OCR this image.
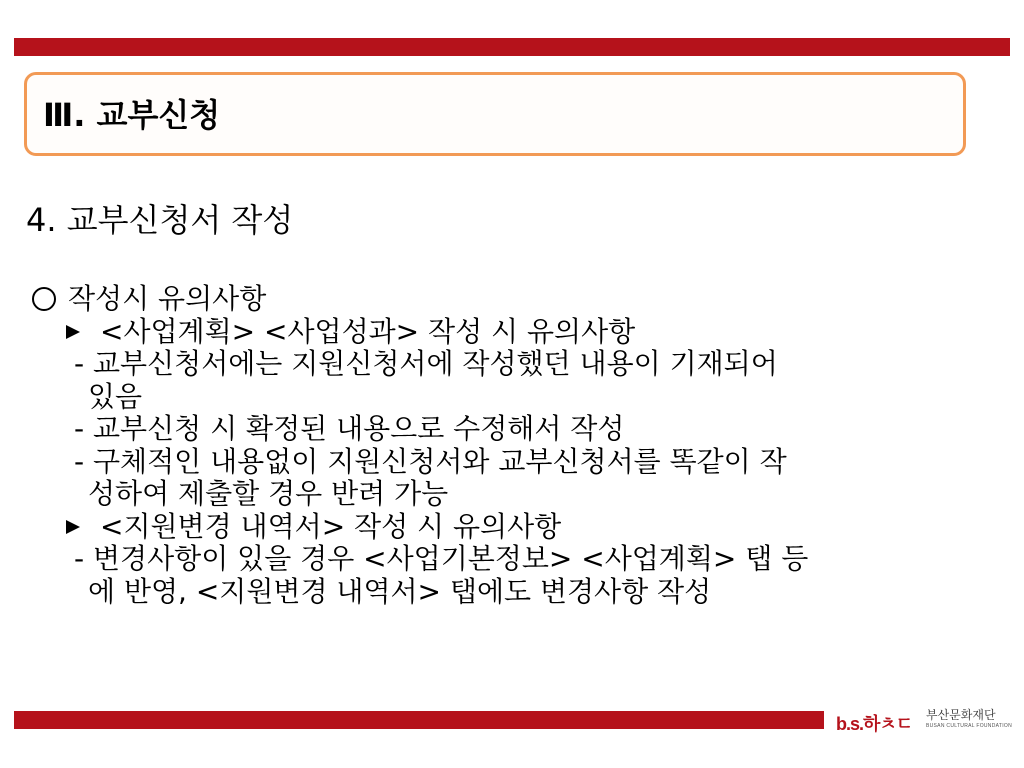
Ⅲ. 교부신청
4. 교부신청서 작성
작성시 유의사항
<사업계획> <사업성과> 작성 시 유의사항
- 교부신청서에는 지원신청서에 작성했던 내용이 기재되어
있음
- 교부신청 시 확정된 내용으로 수정해서 작성
- 구체적인 내용없이 지원신청서와 교부신청서를 똑같이 작
성하여 제출할 경우 반려 가능
<지원변경 내역서> 작성 시 유의사항
- 변경사항이 있을 경우 <사업기본정보> <사업계획> 탭 등
에 반영, <지원변경 내역서> 탭에도 변경사항 작성
b.s.하ㅊㄷ 부산문화재단
BUSAN CULTURAL FOUNDATION
